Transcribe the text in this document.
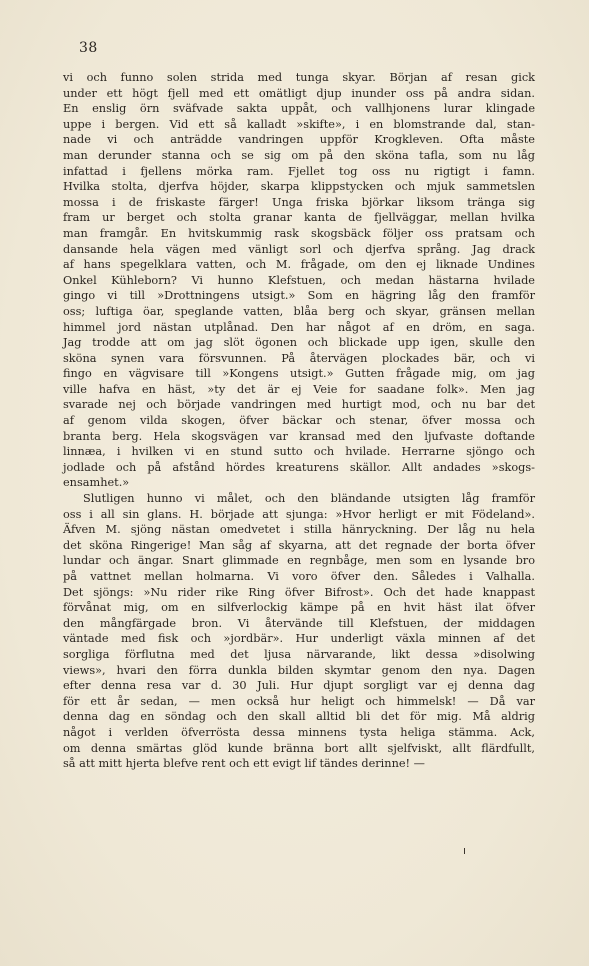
38
vi och funno solen strida med tunga skyar. Början af resan gick
under ett högt fjell med ett omätligt djup inunder oss på andra sidan.
En enslig örn sväfvade sakta uppåt, och vallhjonens lurar klingade
uppe i bergen. Vid ett så kalladt »skifte», i en blomstrande dal, stan-
nade vi och anträdde vandringen uppför Krogkleven. Ofta måste
man derunder stanna och se sig om på den sköna tafla, som nu låg
infattad i fjellens mörka ram. Fjellet tog oss nu rigtigt i famn.
Hvilka stolta, djerfva höjder, skarpa klippstycken och mjuk sammetslen
mossa i de friskaste färger! Unga friska björkar liksom tränga sig
fram ur berget och stolta granar kanta de fjellväggar, mellan hvilka
man framgår. En hvitskummig rask skogsbäck följer oss pratsam och
dansande hela vägen med vänligt sorl och djerfva språng. Jag drack
af hans spegelklara vatten, och M. frågade, om den ej liknade Undines
Onkel Kühleborn? Vi hunno Klefstuen, och medan hästarna hvilade
gingo vi till »Drottningens utsigt.» Som en hägring låg den framför
oss; luftiga öar, speglande vatten, blåa berg och skyar, gränsen mellan
himmel jord nästan utplånad. Den har något af en dröm, en saga.
Jag trodde att om jag slöt ögonen och blickade upp igen, skulle den
sköna synen vara försvunnen. På återvägen plockades bär, och vi
fingo en vägvisare till »Kongens utsigt.» Gutten frågade mig, om jag
ville hafva en häst, »ty det är ej Veie for saadane folk». Men jag
svarade nej och började vandringen med hurtigt mod, och nu bar det
af genom vilda skogen, öfver bäckar och stenar, öfver mossa och
branta berg. Hela skogsvägen var kransad med den ljufvaste doftande
linnæa, i hvilken vi en stund sutto och hvilade. Herrarne sjöngo och
jodlade och på afstånd hördes kreaturens skällor. Allt andades »skogs-
ensamhet.»
Slutligen hunno vi målet, och den bländande utsigten låg framför
oss i all sin glans. H. började att sjunga: »Hvor herligt er mit Födeland».
Äfven M. sjöng nästan omedvetet i stilla hänryckning. Der låg nu hela
det sköna Ringerige! Man såg af skyarna, att det regnade der borta öfver
lundar och ängar. Snart glimmade en regnbåge, men som en lysande bro
på vattnet mellan holmarna. Vi voro öfver den. Således i Valhalla.
Det sjöngs: »Nu rider rike Ring öfver Bifrost». Och det hade knappast
förvånat mig, om en silfverlockig kämpe på en hvit häst ilat öfver
den mångfärgade bron. Vi återvände till Klefstuen, der middagen
väntade med fisk och »jordbär». Hur underligt växla minnen af det
sorgliga förflutna med det ljusa närvarande, likt dessa »disolwing
views», hvari den förra dunkla bilden skymtar genom den nya. Dagen
efter denna resa var d. 30 Juli. Hur djupt sorgligt var ej denna dag
för ett år sedan, — men också hur heligt och himmelsk! — Då var
denna dag en söndag och den skall alltid bli det för mig. Må aldrig
något i verlden öfverrösta dessa minnens tysta heliga stämma. Ack,
om denna smärtas glöd kunde bränna bort allt sjelfviskt, allt flärdfullt,
så att mitt hjerta blefve rent och ett evigt lif tändes derinne! —
